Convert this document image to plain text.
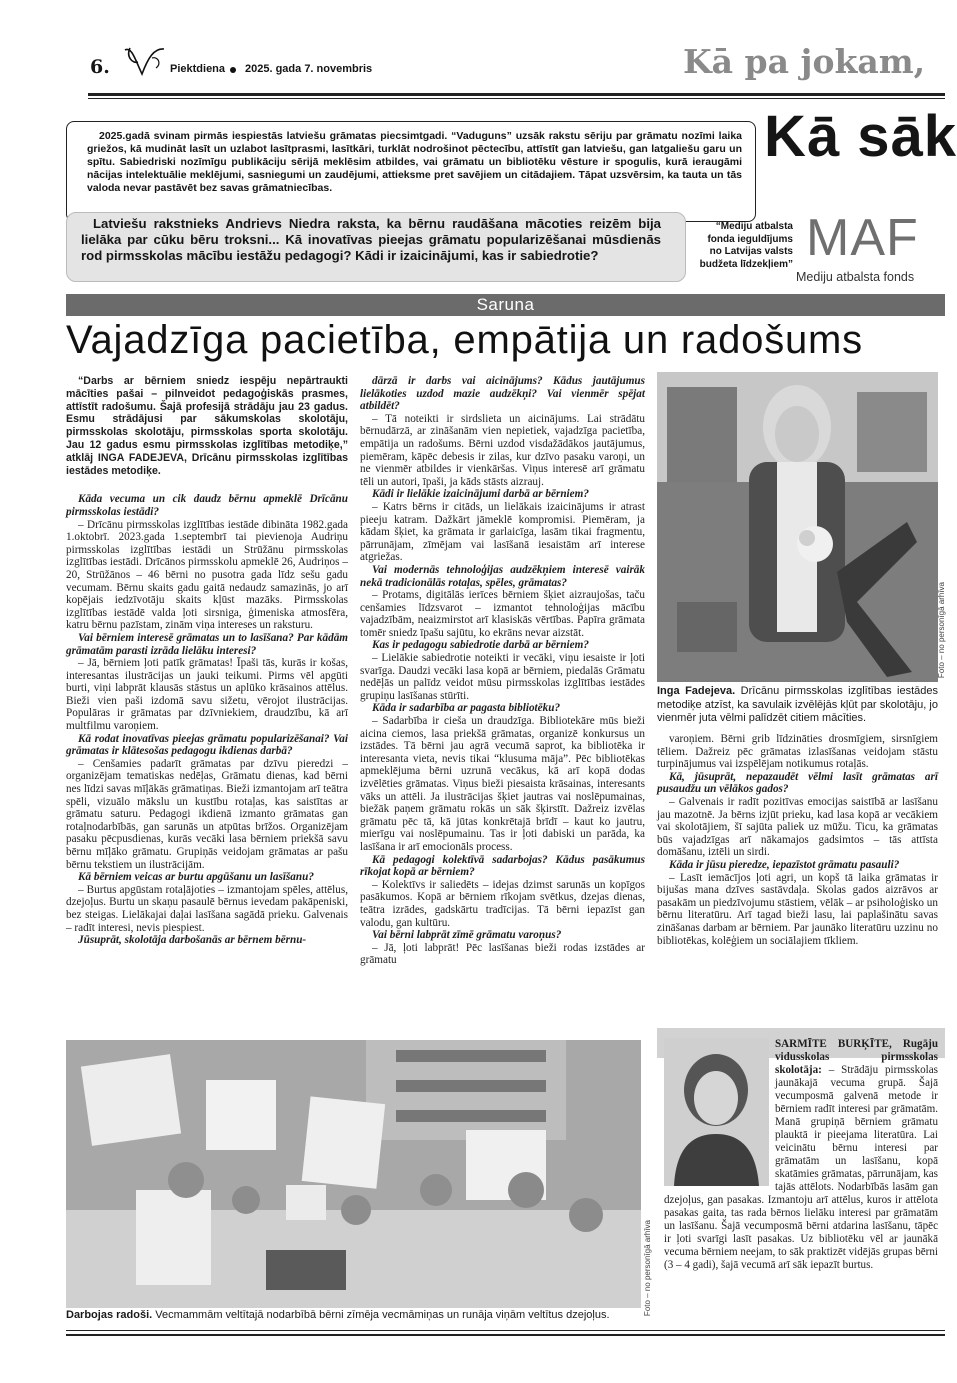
6.	Piektdiena 2025. gada 7. novembris	Kā pa jokam,

2025.gadā svinam pirmās iespiestās latviešu grāmatas piecsimtgadi. “Vaduguns” uzsāk rakstu sēriju par grāmatu nozīmi laika griežos, kā mudināt lasīt un uzlabot lasītprasmi, lasītkāri, turklāt nodrošinot pēctecību, attīstīt gan latviešu, gan latgaliešu garu un spītu. Sabiedriski nozīmīgu publikāciju sērijā meklēsim atbildes, vai grāmatu un bibliotēku vēsture ir spogulis, kurā ieraugāmi nācijas intelektuālie meklējumi, sasniegumi un zaudējumi, attieksme pret savējiem un citādajiem. Tāpat uzsvērsim, ka tauta un tās valoda nevar pastāvēt bez savas grāmatniecības.

Kā sāk

Latviešu rakstnieks Andrievs Niedra raksta, ka bērnu raudāšana mācoties reizēm bija lielāka par cūku bēru troksni... Kā inovatīvas pieejas grāmatu popularizēšanai mūsdienās rod pirmsskolas mācību iestāžu pedagogi? Kādi ir izaicinājumi, kas ir sabiedrotie?

“Mediju atbalsta fonda ieguldījums no Latvijas valsts budžeta līdzekļiem” MAF
Mediju atbalsta fonds
Saruna
Vajadzīga pacietība, empātija un radošums

“Darbs ar bērniem sniedz iespēju nepārtraukti mācīties pašai – pilnveidot pedagoģiskās prasmes, attīstīt radošumu. Šajā profesijā strādāju jau 23 gadus. Esmu strādājusi par sākumskolas skolotāju, pirmsskolas skolotāju, pirmsskolas sporta skolotāju. Jau 12 gadus esmu pirmsskolas izglītības metodiķe,” atklāj INGA FADEJEVA, Drīcānu pirmsskolas izglītības iestādes metodiķe.

Kāda vecuma un cik daudz bērnu apmeklē Drīcānu pirmsskolas iestādi?

– Drīcānu pirmsskolas izglītības iestāde dibināta 1982.gada 1.oktobrī. 2023.gada 1.septembrī tai pievienoja Audriņu pirmsskolas izglītības iestādi un Strūžānu pirmsskolas izglītības iestādi. Drīcānos pirmsskolu apmeklē 26, Audriņos – 20, Strūžānos – 46 bērni no pusotra gada līdz sešu gadu vecumam. Bērnu skaits gadu gaitā nedaudz samazinās, jo arī kopējais iedzīvotāju skaits kļūst mazāks. Pirmsskolas izglītības iestādē valda ļoti sirsniga, ģimeniska atmosfēra, katru bērnu pazīstam, zinām viņa intereses un raksturu.

Vai bērniem interesē grāmatas un to lasīšana? Par kādām grāmatām parasti izrāda lielāku interesi?

– Jā, bērniem ļoti patīk grāmatas! Īpaši tās, kurās ir košas, interesantas ilustrācijas un jauki teikumi. Pirms vēl apgūti burti, viņi labprāt klausās stāstus un aplūko krāsainos attēlus. Bieži vien paši izdomā savu sižetu, vērojot ilustrācijas. Populāras ir grāmatas par dzīvniekiem, draudzību, kā arī multfilmu varoņiem.

Kā rodat inovatīvas pieejas grāmatu popularizēšanai? Vai grāmatas ir klātesošas pedagogu ikdienas darbā?

– Cenšamies padarīt grāmatas par dzīvu pieredzi – organizējam tematiskas nedēļas, Grāmatu dienas, kad bērni nes līdzi savas mīļākās grāmatiņas. Bieži izmantojam arī teātra spēli, vizuālo mākslu un kustību rotaļas, kas saistītas ar grāmatu saturu. Pedagogi ikdienā izmanto grāmatas gan rotaļnodarbībās, gan sarunās un atpūtas brīžos. Organizējam pasaku pēcpusdienas, kurās vecāki lasa bērniem priekšā savu bērnu mīļāko grāmatu. Grupiņās veidojam grāmatas ar pašu bērnu tekstiem un ilustrācijām.

Kā bērniem veicas ar burtu apgūšanu un lasīšanu?

– Burtus apgūstam rotaļājoties – izmantojam spēles, attēlus, dzejoļus. Burtu un skaņu pasaulē bērnus ievedam pakāpeniski, bez steigas. Lielākajai daļai lasīšana sagādā prieku. Galvenais – radīt interesi, nevis piespiest.

Jūsuprāt, skolotāja darbošanās ar bērnem bērnu-

dārzā ir darbs vai aicinājums? Kādus jautājumus lielākoties uzdod mazie audzēkņi? Vai vienmēr spējat atbildēt?

– Tā noteikti ir sirdslieta un aicinājums. Lai strādātu bērnudārzā, ar zināšanām vien nepietiek, vajadzīga pacietība, empātija un radošums. Bērni uzdod visdažādākos jautājumus, piemēram, kāpēc debesis ir zilas, kur dzīvo pasaku varoņi, un ne vienmēr atbildes ir vienkāršas. Viņus interesē arī grāmatu tēli un autori, īpaši, ja kāds stāsts aizrauj.

Kādi ir lielākie izaicinājumi darbā ar bērniem?

– Katrs bērns ir citāds, un lielākais izaicinājums ir atrast pieeju katram. Dažkārt jāmeklē kompromisi. Piemēram, ja kādam šķiet, ka grāmata ir garlaicīga, lasām tikai fragmentu, pārrunājam, zīmējam vai lasīšanā iesaistām arī interese atgriežas.

Vai modernās tehnoloģijas audzēkņiem interesē vairāk nekā tradicionālās rotaļas, spēles, grāmatas?

– Protams, digitālās ierīces bērniem šķiet aizraujošas, taču cenšamies līdzsvarot – izmantot tehnoloģijas mācību vajadzībām, neaizmirstot arī klasiskās vērtības. Papīra grāmata tomēr sniedz īpašu sajūtu, ko ekrāns nevar aizstāt.

Kas ir pedagogu sabiedrotie darbā ar bērniem?

– Lielākie sabiedrotie noteikti ir vecāki, viņu iesaiste ir ļoti svarīga. Daudzi vecāki lasa kopā ar bērniem, piedalās Grāmatu nedēļās un palīdz veidot mūsu pirmsskolas izglītības iestādes grupiņu lasīšanas stūrīti.

Kāda ir sadarbība ar pagasta bibliotēku?

– Sadarbība ir cieša un draudzīga. Bibliotekāre mūs bieži aicina ciemos, lasa priekšā grāmatas, organizē konkursus un izstādes. Tā bērni jau agrā vecumā saprot, ka bibliotēka ir interesanta vieta, nevis tikai “klusuma māja”. Pēc bibliotēkas apmeklējuma bērni uzrunā vecākus, kā arī kopā dodas izvēlēties grāmatas. Viņus bieži piesaista krāsainas, interesants vāks un attēli. Ja ilustrācijas šķiet jautras vai noslēpumainas, biežāk paņem grāmatu rokās un sāk šķirstīt. Dažreiz izvēlas grāmatu pēc tā, kā jūtas konkrētajā brīdī – kaut ko jautru, mierīgu vai noslēpumainu. Tas ir ļoti dabiski un parāda, ka lasīšana ir arī emocionāls process.

Kā pedagogi kolektīvā sadarbojas? Kādus pasākumus rīkojat kopā ar bērniem?

– Kolektīvs ir saliedēts – idejas dzimst sarunās un kopīgos pasākumos. Kopā ar bērniem rīkojam svētkus, dzejas dienas, teātra izrādes, gadskārtu tradīcijas. Tā bērni iepazīst gan valodu, gan kultūru.

Vai bērni labprāt zīmē grāmatu varoņus?

– Jā, ļoti labprāt! Pēc lasīšanas bieži rodas izstādes ar grāmatu

Foto – no personīgā arhīva

Inga Fadejeva. Drīcānu pirmsskolas izglītības iestādes metodiķe atzīst, ka savulaik izvēlējās kļūt par skolotāju, jo vienmēr juta vēlmi palīdzēt citiem mācīties.

varoņiem. Bērni grib līdzināties drosmīgiem, sirsnīgiem tēliem. Dažreiz pēc grāmatas izlasīšanas veidojam stāstu turpinājumus vai izspēlējam notikumus rotaļās.

Kā, jūsuprāt, nepazaudēt vēlmi lasīt grāmatas arī pusaudžu un vēlākos gados?

– Galvenais ir radīt pozitīvas emocijas saistībā ar lasīšanu jau mazotnē. Ja bērns izjūt prieku, kad lasa kopā ar vecākiem vai skolotājiem, šī sajūta paliek uz mūžu. Ticu, ka grāmatas būs vajadzīgas arī nākamajos gadsimtos – tās attīsta domāšanu, iztēli un sirdi.

Kāda ir jūsu pieredze, iepazīstot grāmatu pasauli?

– Lasīt iemācījos ļoti agri, un kopš tā laika grāmatas ir bijušas mana dzīves sastāvdaļa. Skolas gados aizrāvos ar pasakām un piedzīvojumu stāstiem, vēlāk – ar psiholoģisko un bērnu literatūru. Arī tagad bieži lasu, lai paplašinātu savas zināšanas darbam ar bērniem. Par jaunāko literatūru uzzinu no bibliotēkas, kolēģiem un sociālajiem tīkliem.

Foto – no personīgā arhīva

Darbojas radoši. Vecmammām veltītajā nodarbībā bērni zīmēja vecmāmiņas un runāja viņām veltītus dzejoļus.

SARMĪTE BURĶĪTE, Rugāju vidusskolas pirmsskolas skolotāja: – Strādāju pirmsskolas jaunākajā vecuma grupā. Šajā vecumposmā galvenā metode ir bērniem radīt interesi par grāmatām. Manā grupiņā bērniem grāmatu plauktā ir pieejama literatūra. Lai veicinātu bērnu interesi par grāmatām un lasīšanu, kopā skatāmies grāmatas, pārrunājam, kas tajās attēlots. Nodarbībās lasām gan dzejoļus, gan pasakas. Izmantoju arī attēlus, kuros ir attēlota pasakas gaita, tas rada bērnos lielāku interesi par grāmatām un lasīšanu. Šajā vecumposmā bērni atdarina lasīšanu, tāpēc ir ļoti svarīgi lasīt pasakas. Uz bibliotēku vēl ar jaunākā vecuma bērniem neejam, to sāk praktizēt vidējās grupas bērni (3 – 4 gadi), šajā vecumā arī sāk iepazīt burtus.
